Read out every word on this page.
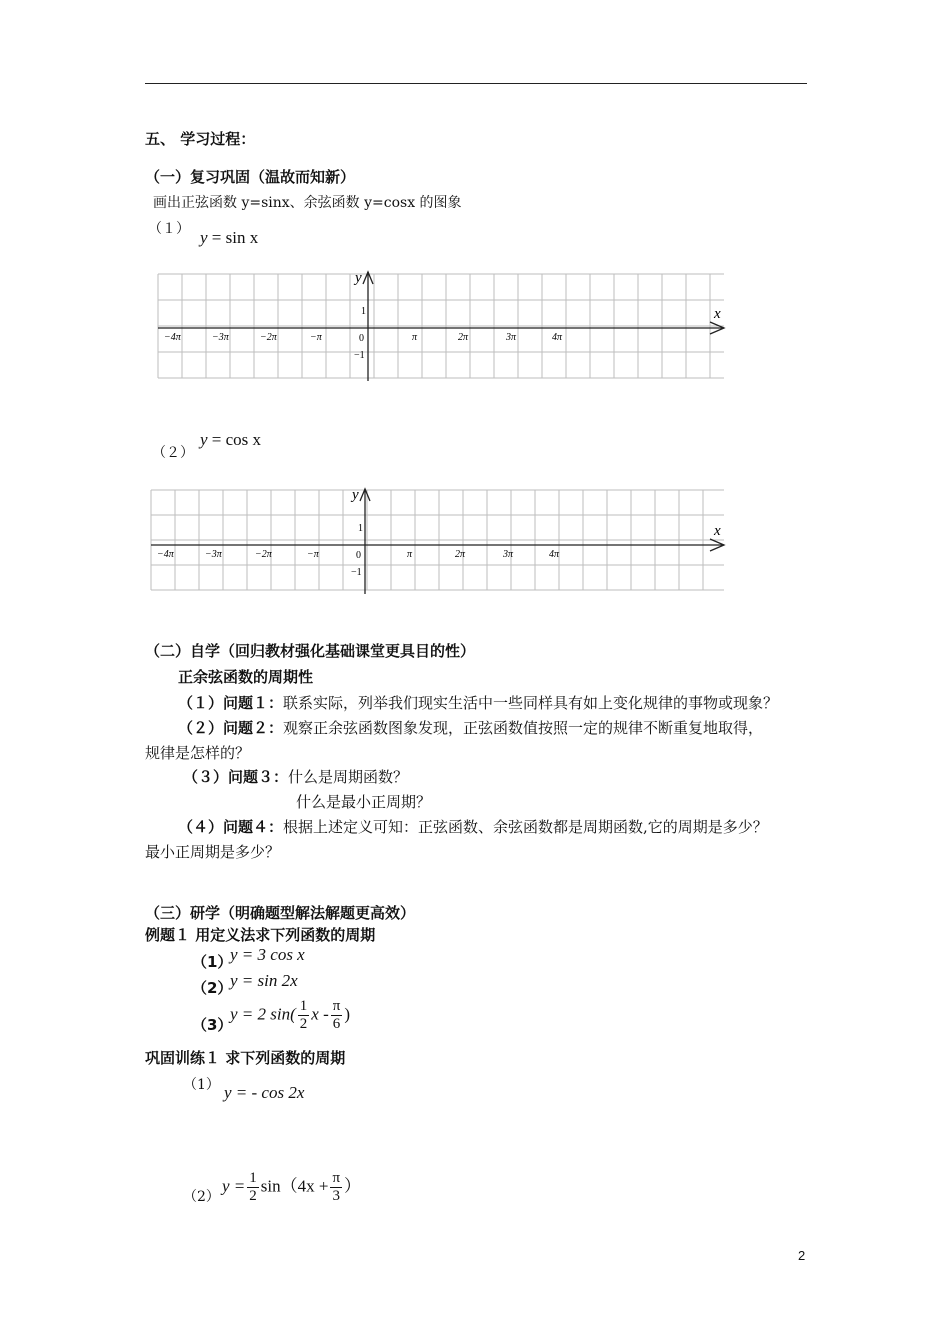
五、 学习过程：
（一）复习巩固（温故而知新）
画出正弦函数 y=sinx、余弦函数 y=cosx 的图象
（１） y = sin x
x
y
1
−1
0
−4π	−3π	−2π	−π	π	2π	3π	4π
（２）
y = cos x
x
y
1
−1
0
−4π	−3π	−2π	−π	π	2π	3π	4π
（二）自学（回归教材强化基础课堂更具目的性）
正余弦函数的周期性
（１）问题１：联系实际，列举我们现实生活中一些同样具有如上变化规律的事物或现象？
（２）问题２：观察正余弦函数图象发现，正弦函数值按照一定的规律不断重复地取得，
规律是怎样的？
（３）问题３：什么是周期函数？
什么是最小正周期？
（４）问题４：根据上述定义可知：正弦函数、余弦函数都是周期函数,它的周期是多少？
最小正周期是多少？
（三）研学（明确题型解法解题更高效）
例题１ 用定义法求下列函数的周期
（1）
y = 3 cos x
（2）
y = sin 2x
（3）
y = 2 $\sin( \frac{1}{2}$ x - $\frac{\pi}{6}$ )
巩固训练１ 求下列函数的周期
（1） y = - cos 2x
（2）
$y = \frac{1}{2} \sin(4x + \frac{\pi}{3}$ ）
2
